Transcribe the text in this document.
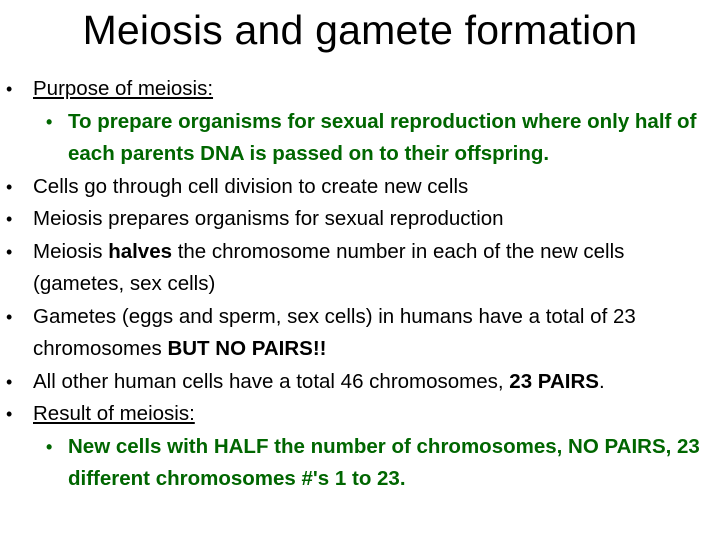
Meiosis and gamete formation
• Purpose of meiosis:
• To prepare organisms for sexual reproduction where only half of each parents DNA is passed on to their offspring.
• Cells go through cell division to create new cells
• Meiosis prepares organisms for sexual reproduction
• Meiosis halves the chromosome number in each of the new cells (gametes, sex cells)
• Gametes (eggs and sperm, sex cells) in humans have a total of 23 chromosomes BUT NO PAIRS!!
• All other human cells have a total 46 chromosomes, 23 PAIRS.
• Result of meiosis:
• New cells with HALF the number of chromosomes, NO PAIRS, 23 different chromosomes #'s 1 to 23.
